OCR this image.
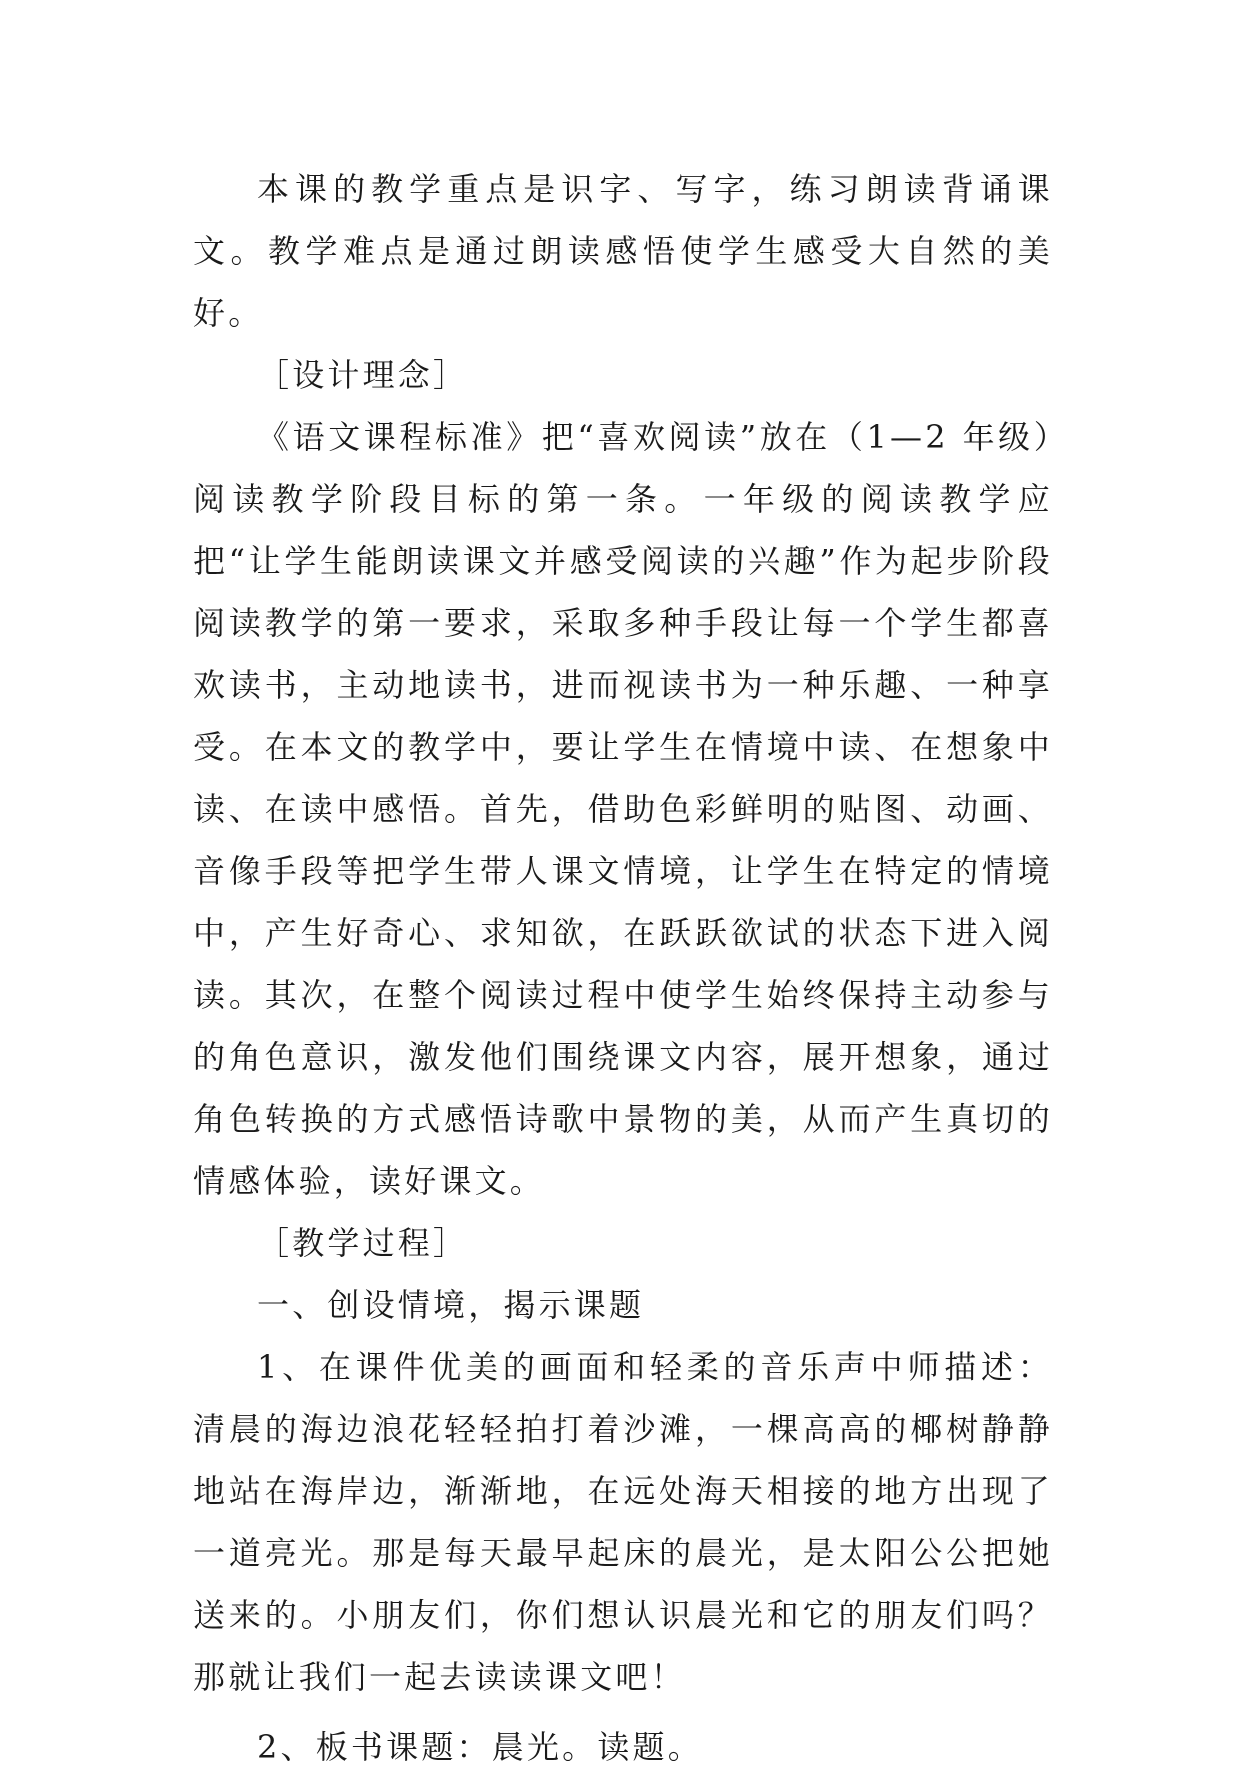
本课的教学重点是识字、写字，练习朗读背诵课文。教学难点是通过朗读感悟使学生感受大自然的美好。

［设计理念］

《语文课程标准》把“喜欢阅读”放在（1—2 年级）阅读教学阶段目标的第一条。一年级的阅读教学应把“让学生能朗读课文并感受阅读的兴趣”作为起步阶段阅读教学的第一要求，采取多种手段让每一个学生都喜欢读书，主动地读书，进而视读书为一种乐趣、一种享受。在本文的教学中，要让学生在情境中读、在想象中读、在读中感悟。首先，借助色彩鲜明的贴图、动画、音像手段等把学生带人课文情境，让学生在特定的情境中，产生好奇心、求知欲，在跃跃欲试的状态下进入阅读。其次，在整个阅读过程中使学生始终保持主动参与的角色意识，激发他们围绕课文内容，展开想象，通过角色转换的方式感悟诗歌中景物的美，从而产生真切的情感体验，读好课文。

［教学过程］

一、创设情境，揭示课题

1、在课件优美的画面和轻柔的音乐声中师描述：清晨的海边浪花轻轻拍打着沙滩，一棵高高的椰树静静地站在海岸边，渐渐地，在远处海天相接的地方出现了一道亮光。那是每天最早起床的晨光，是太阳公公把她送来的。小朋友们，你们想认识晨光和它的朋友们吗？那就让我们一起去读读课文吧！

2、板书课题：晨光。读题。
